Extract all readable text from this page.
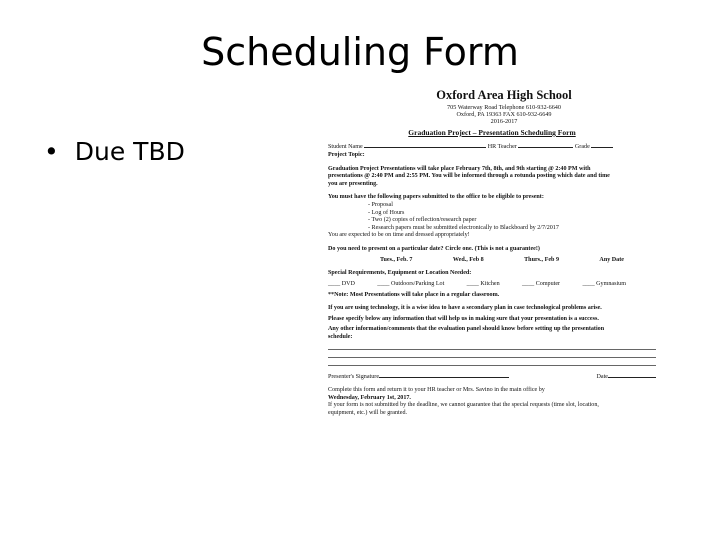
Scheduling Form
• Due TBD
Oxford Area High School
705 Waterway Road Telephone 610-932-6640
Oxford, PA 19363 FAX 610-932-6649
2016-2017
Graduation Project – Presentation Scheduling Form
Student Name	HR Teacher	Grade
Project Topic:
Graduation Project Presentations will take place February 7th, 8th, and 9th starting @ 2:40 PM with
presentations @ 2:40 PM and 2:55 PM. You will be informed through a rotunda posting which date and time
you are presenting.
You must have the following papers submitted to the office to be eligible to present:
- Proposal
- Log of Hours
- Two (2) copies of reflection/research paper
- Research papers must be submitted electronically to Blackboard by 2/7/2017
You are expected to be on time and dressed appropriately!
Do you need to present on a particular date? Circle one. (This is not a guarantee!)
Tues., Feb. 7	Wed., Feb 8	Thurs., Feb 9	Any Date
Special Requirements, Equipment or Location Needed:
____ DVD	____ Outdoors/Parking Lot	____ Kitchen	____ Computer	____ Gymnasium
**Note: Most Presentations will take place in a regular classroom.
If you are using technology, it is a wise idea to have a secondary plan in case technological problems arise.
Please specify below any information that will help us in making sure that your presentation is a success.
Any other information/comments that the evaluation panel should know before setting up the presentation
schedule:
Presenter's Signature	Date
Complete this form and return it to your HR teacher or Mrs. Savino in the main office by
Wednesday, February 1st, 2017.
If your form is not submitted by the deadline, we cannot guarantee that the special requests (time slot, location,
equipment, etc.) will be granted.
